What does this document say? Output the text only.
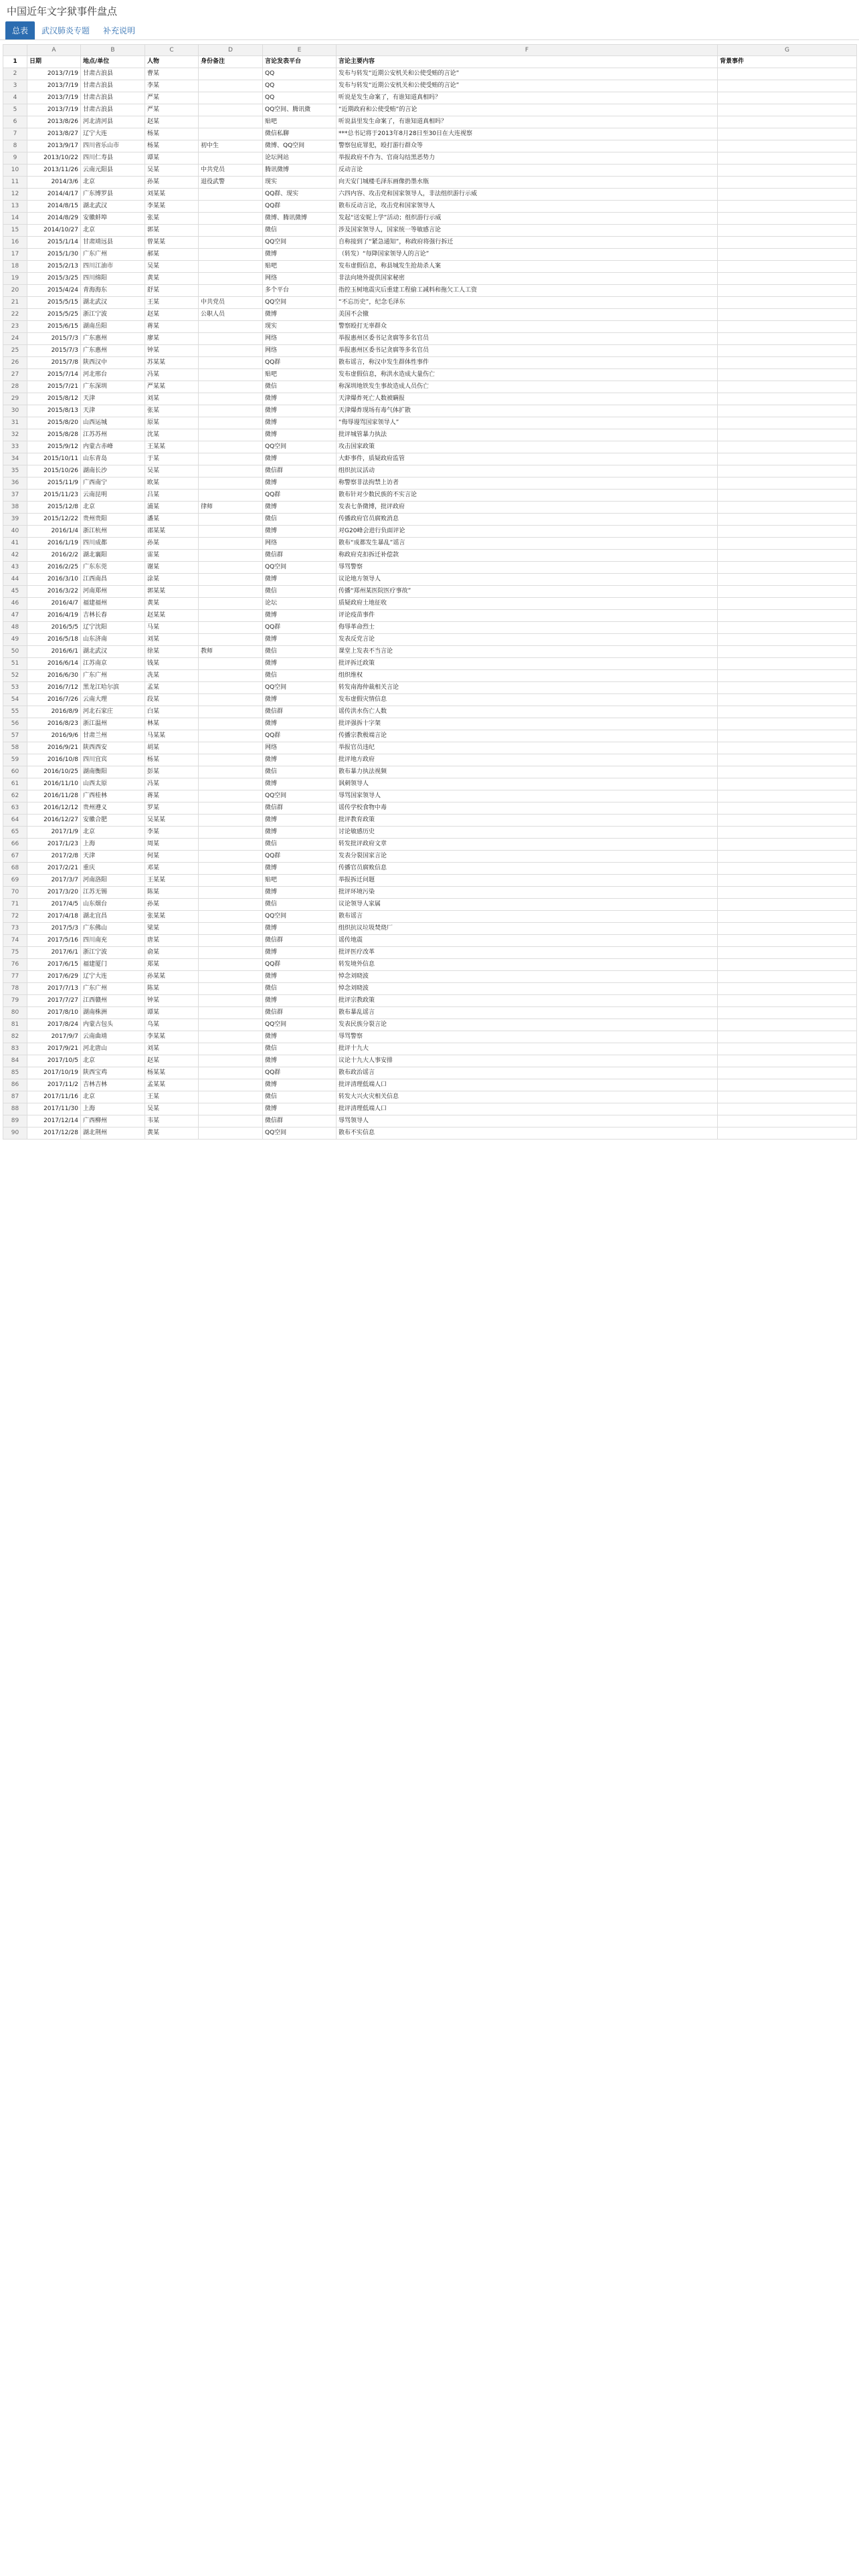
中国近年文字狱事件盘点
总表	武汉肺炎专题	补充说明
	A	B	C	D	E	F	G
1	日期	地点/单位	人物	身份备注	言论发表平台	言论主要内容	背景事件
2	2013/7/19	甘肃古浪县	曹某		QQ	发布与转发“近期公安机关和公使受贿的言论”	
3	2013/7/19	甘肃古浪县	李某		QQ	发布与转发“近期公安机关和公使受贿的言论”	
4	2013/7/19	甘肃古浪县	严某		QQ	听说是发生命案了，有谁知道真相吗？	
5	2013/7/19	甘肃古浪县	严某		QQ空间、腾讯微	“近期政府和公使受贿”的言论	
6	2013/8/26	河北清河县	赵某		贴吧	听说县里发生命案了，有谁知道真相吗？	
7	2013/8/27	辽宁大连	杨某		微信私聊	***总书记将于2013年8月28日至30日在大连视察	
8	2013/9/17	四川省乐山市	杨某	初中生	微博、QQ空间	警察包庇罪犯，殴打游行群众等	
9	2013/10/22	四川仁寿县	谭某		论坛网站	举报政府不作为、官商勾结黑恶势力	
10	2013/11/26	云南元阳县	吴某	中共党员	腾讯微博	反动言论	
11	2014/3/6	北京	孙某	退役武警	现实	向天安门城楼毛泽东画像扔墨水瓶	
12	2014/4/17	广东博罗县	刘某某		QQ群、现实	六四内容、攻击党和国家领导人，非法组织游行示威	
13	2014/8/15	湖北武汉	李某某		QQ群	散布反动言论，攻击党和国家领导人	
14	2014/8/29	安徽蚌埠	张某		微博、腾讯微博	发起“送安妮上学”活动；组织游行示威	
15	2014/10/27	北京	郭某		微信	涉及国家领导人，国家统一等敏感言论	
16	2015/1/14	甘肃靖远县	曾某某		QQ空间	自称接到了“紧急通知”，称政府将强行拆迁	
17	2015/1/30	广东广州	郝某		微博	（转发）“每降国家领导人的言论”	
18	2015/2/13	四川江油市	吴某		贴吧	发布虚假信息，称县城发生抢劫杀人案	
19	2015/3/25	四川绵阳	黄某		网络	非法向境外提供国家秘密	
20	2015/4/24	青海海东	舒某		多个平台	指控玉树地震灾后重建工程偷工减料和拖欠工人工资	
21	2015/5/15	湖北武汉	王某	中共党员	QQ空间	“不忘历史”，纪念毛泽东	
22	2015/5/25	浙江宁波	赵某	公职人员	微博	美国不会撤	
23	2015/6/15	湖南岳阳	蒋某		现实	警察殴打无辜群众	
24	2015/7/3	广东惠州	廖某		网络	举报惠州区委书记贪腐等多名官员	
25	2015/7/3	广东惠州	钟某		网络	举报惠州区委书记贪腐等多名官员	
26	2015/7/8	陕西汉中	苏某某		QQ群	散布谣言，称汉中发生群体性事件	
27	2015/7/14	河北邢台	冯某		贴吧	发布虚假信息，称洪水造成大量伤亡	
28	2015/7/21	广东深圳	严某某		微信	称深圳地铁发生事故造成人员伤亡	
29	2015/8/12	天津	刘某		微博	天津爆炸死亡人数被瞒报	
30	2015/8/13	天津	张某		微博	天津爆炸现场有毒气体扩散	
31	2015/8/20	山西运城	原某		微博	“侮辱谩骂国家领导人”	
32	2015/8/28	江苏苏州	沈某		微博	批评城管暴力执法	
33	2015/9/12	内蒙古赤峰	王某某		QQ空间	攻击国家政策	
34	2015/10/11	山东青岛	于某		微博	大虾事件，质疑政府监管	
35	2015/10/26	湖南长沙	吴某		微信群	组织抗议活动	
36	2015/11/9	广西南宁	欧某		微博	称警察非法拘禁上访者	
37	2015/11/23	云南昆明	吕某		QQ群	散布针对少数民族的不实言论	
38	2015/12/8	北京	浦某	律师	微博	发表七条微博，批评政府	
39	2015/12/22	贵州贵阳	潘某		微信	传播政府官员腐败消息	
40	2016/1/4	浙江杭州	邵某某		微博	对G20峰会进行负面评论	
41	2016/1/19	四川成都	孙某		网络	散布“成都发生暴乱”谣言	
42	2016/2/2	湖北襄阳	雷某		微信群	称政府克扣拆迁补偿款	
43	2016/2/25	广东东莞	谢某		QQ空间	辱骂警察	
44	2016/3/10	江西南昌	涂某		微博	议论地方领导人	
45	2016/3/22	河南郑州	郭某某		微信	传播“郑州某医院医疗事故”	
46	2016/4/7	福建福州	黄某		论坛	质疑政府土地征收	
47	2016/4/19	吉林长春	赵某某		微博	评论疫苗事件	
48	2016/5/5	辽宁沈阳	马某		QQ群	侮辱革命烈士	
49	2016/5/18	山东济南	刘某		微博	发表反党言论	
50	2016/6/1	湖北武汉	徐某	教师	微信	课堂上发表不当言论	
51	2016/6/14	江苏南京	钱某		微博	批评拆迁政策	
52	2016/6/30	广东广州	冼某		微信	组织维权	
53	2016/7/12	黑龙江哈尔滨	孟某		QQ空间	转发南海仲裁相关言论	
54	2016/7/26	云南大理	段某		微博	发布虚假灾情信息	
55	2016/8/9	河北石家庄	白某		微信群	谣传洪水伤亡人数	
56	2016/8/23	浙江温州	林某		微博	批评强拆十字架	
57	2016/9/6	甘肃兰州	马某某		QQ群	传播宗教极端言论	
58	2016/9/21	陕西西安	胡某		网络	举报官员违纪	
59	2016/10/8	四川宜宾	杨某		微博	批评地方政府	
60	2016/10/25	湖南衡阳	彭某		微信	散布暴力执法视频	
61	2016/11/10	山西太原	冯某		微博	讽刺领导人	
62	2016/11/28	广西桂林	蒋某		QQ空间	辱骂国家领导人	
63	2016/12/12	贵州遵义	罗某		微信群	谣传学校食物中毒	
64	2016/12/27	安徽合肥	吴某某		微博	批评教育政策	
65	2017/1/9	北京	李某		微博	讨论敏感历史	
66	2017/1/23	上海	周某		微信	转发批评政府文章	
67	2017/2/8	天津	何某		QQ群	发表分裂国家言论	
68	2017/2/21	重庆	邓某		微博	传播官员腐败信息	
69	2017/3/7	河南洛阳	王某某		贴吧	举报拆迁问题	
70	2017/3/20	江苏无锡	陈某		微博	批评环境污染	
71	2017/4/5	山东烟台	孙某		微信	议论领导人家属	
72	2017/4/18	湖北宜昌	张某某		QQ空间	散布谣言	
73	2017/5/3	广东佛山	梁某		微博	组织抗议垃圾焚烧厂	
74	2017/5/16	四川南充	唐某		微信群	谣传地震	
75	2017/6/1	浙江宁波	俞某		微博	批评医疗改革	
76	2017/6/15	福建厦门	郑某		QQ群	转发境外信息	
77	2017/6/29	辽宁大连	孙某某		微博	悼念刘晓波	
78	2017/7/13	广东广州	陈某		微信	悼念刘晓波	
79	2017/7/27	江西赣州	钟某		微博	批评宗教政策	
80	2017/8/10	湖南株洲	谭某		微信群	散布暴乱谣言	
81	2017/8/24	内蒙古包头	乌某		QQ空间	发表民族分裂言论	
82	2017/9/7	云南曲靖	李某某		微博	辱骂警察	
83	2017/9/21	河北唐山	刘某		微信	批评十九大	
84	2017/10/5	北京	赵某		微博	议论十九大人事安排	
85	2017/10/19	陕西宝鸡	杨某某		QQ群	散布政治谣言	
86	2017/11/2	吉林吉林	孟某某		微博	批评清理低端人口	
87	2017/11/16	北京	王某		微信	转发大兴火灾相关信息	
88	2017/11/30	上海	吴某		微博	批评清理低端人口	
89	2017/12/14	广西柳州	韦某		微信群	辱骂领导人	
90	2017/12/28	湖北荆州	黄某		QQ空间	散布不实信息	
